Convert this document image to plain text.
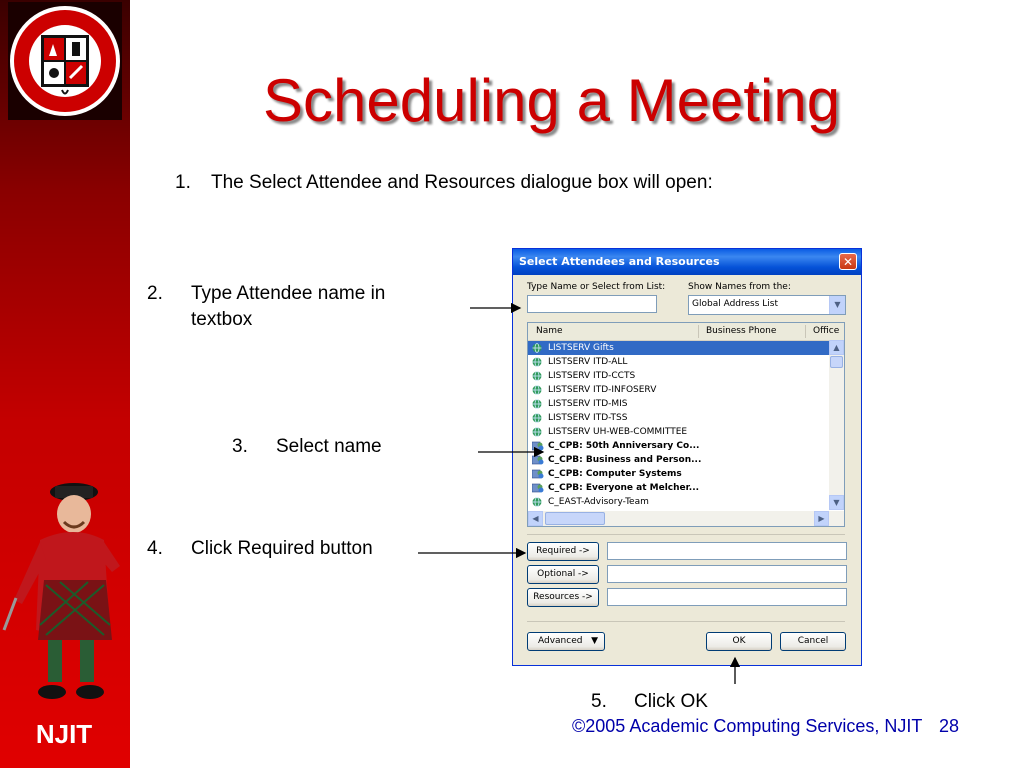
NJIT
Scheduling a Meeting
1. The Select Attendee and Resources dialogue box will open:
2. Type Attendee name in textbox
3. Select name
4. Click Required button
5. Click OK
©2005 Academic Computing Services, NJIT 28
Select Attendees and Resources	✕
Type Name or Select from List:	Show Names from the:
Global Address List	▼
Name	Business Phone	Office
LISTSERV Gifts
LISTSERV ITD-ALL
LISTSERV ITD-CCTS
LISTSERV ITD-INFOSERV
LISTSERV ITD-MIS
LISTSERV ITD-TSS
LISTSERV UH-WEB-COMMITTEE
C_CPB: 50th Anniversary Co...
C_CPB: Business and Person...
C_CPB: Computer Systems
C_CPB: Everyone at Melcher...
C_EAST-Advisory-Team
▲
▼
◀	▶
Required ->
Optional ->
Resources ->
Advanced ▼	OK	Cancel
